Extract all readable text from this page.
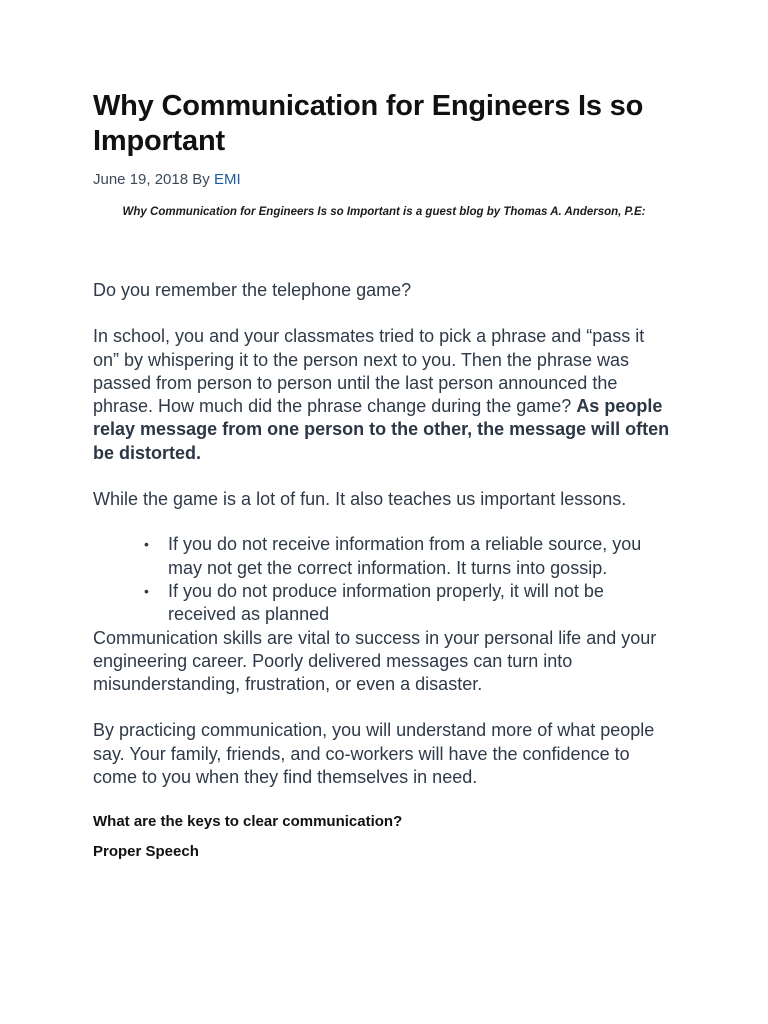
Why Communication for Engineers Is so Important
June 19, 2018 By EMI
Why Communication for Engineers Is so Important is a guest blog by Thomas A. Anderson, P.E:

Do you remember the telephone game?

In school, you and your classmates tried to pick a phrase and “pass it on” by whispering it to the person next to you. Then the phrase was passed from person to person until the last person announced the phrase. How much did the phrase change during the game? As people relay message from one person to the other, the message will often be distorted.

While the game is a lot of fun. It also teaches us important lessons.

• If you do not receive information from a reliable source, you may not get the correct information. It turns into gossip.
• If you do not produce information properly, it will not be received as planned

Communication skills are vital to success in your personal life and your engineering career. Poorly delivered messages can turn into misunderstanding, frustration, or even a disaster.

By practicing communication, you will understand more of what people say. Your family, friends, and co-workers will have the confidence to come to you when they find themselves in need.

What are the keys to clear communication?
Proper Speech
